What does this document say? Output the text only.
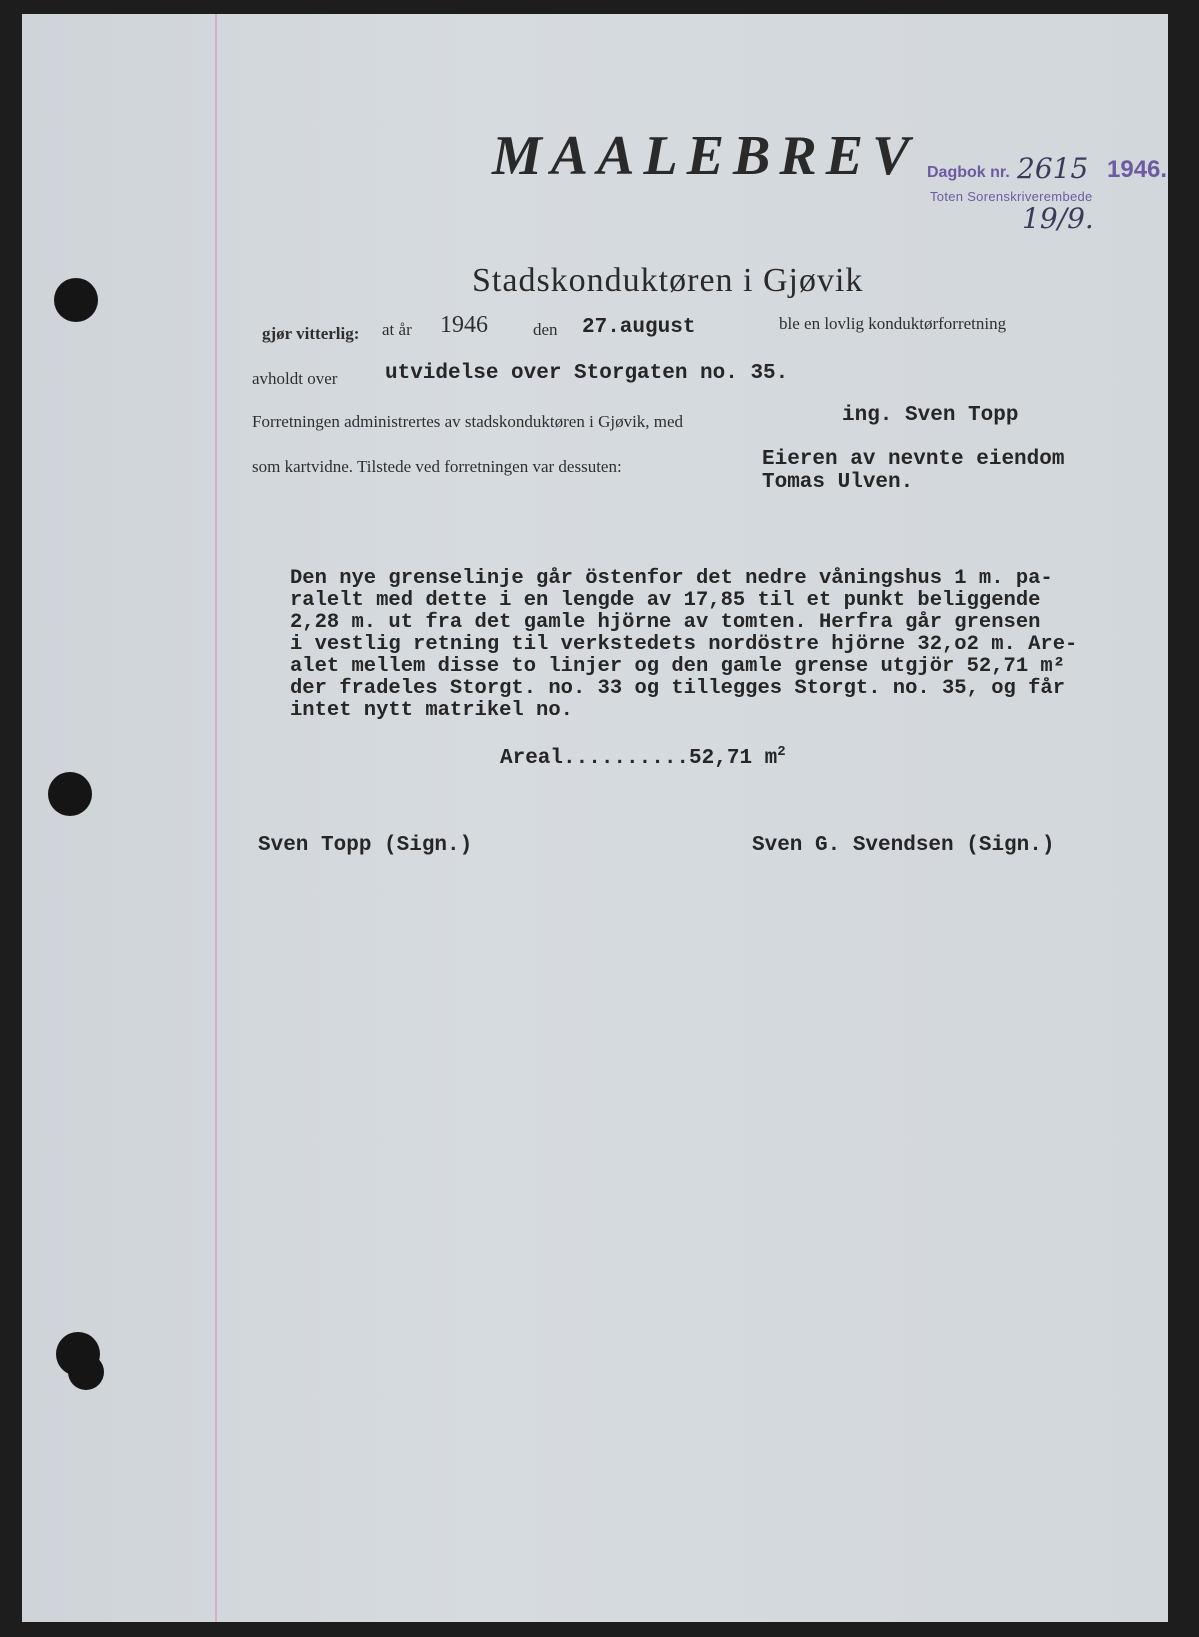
MAALEBREV Dagbok nr. 2615 1946.
Toten Sorenskriverembede
19/9.
Stadskonduktøren i Gjøvik
gjør vitterlig: at år 1946	den 27.august	ble en lovlig konduktørforretning
avholdt over utvidelse over Storgaten no. 35.
Forretningen administrertes av stadskonduktøren i Gjøvik, med	ing. Sven Topp
som kartvidne. Tilstede ved forretningen var dessuten:	Eieren av nevnte eiendom
Tomas Ulven.

Den nye grenselinje går östenfor det nedre våningshus 1 m. pa-
ralelt med dette i en lengde av 17,85 til et punkt beliggende
2,28 m. ut fra det gamle hjörne av tomten. Herfra går grensen
i vestlig retning til verkstedets nordöstre hjörne 32,o2 m. Are-
alet mellem disse to linjer og den gamle grense utgjör 52,71 m²
der fradeles Storgt. no. 33 og tillegges Storgt. no. 35, og får
intet nytt matrikel no.
Areal..........52,71 $m^2$
Sven Topp (Sign.)	Sven G. Svendsen (Sign.)
